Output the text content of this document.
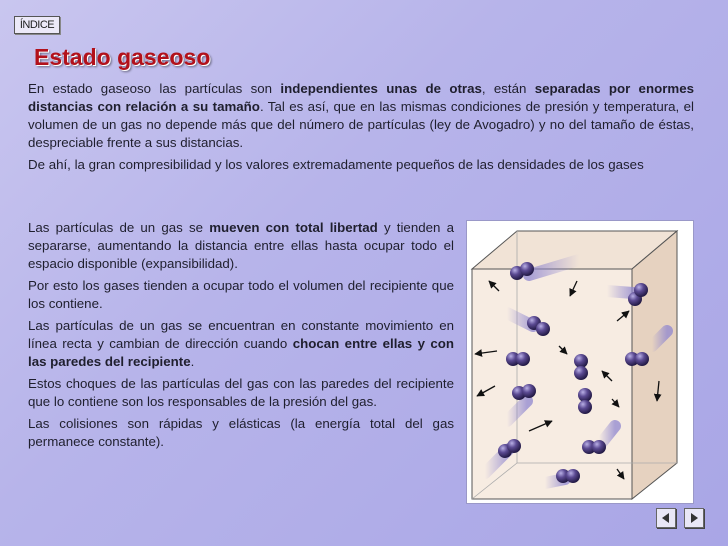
ÍNDICE
Estado gaseoso

En estado gaseoso las partículas son independientes unas de otras, están separadas por enormes distancias con relación a su tamaño. Tal es así, que en las mismas condiciones de presión y temperatura, el volumen de un gas no depende más que del número de partículas (ley de Avogadro) y no del tamaño de éstas, despreciable frente a sus distancias.

De ahí, la gran compresibilidad y los valores extremadamente pequeños de las densidades de los gases

Las partículas de un gas se mueven con total libertad y tienden a separarse, aumentando la distancia entre ellas hasta ocupar todo el espacio disponible (expansibilidad).

Por esto los gases tienden a ocupar todo el volumen del recipiente que los contiene.

Las partículas de un gas se encuentran en constante movimiento en línea recta y cambian de dirección cuando chocan entre ellas y con las paredes del recipiente.

Estos choques de las partículas del gas con las paredes del recipiente que lo contiene son los responsables de la presión del gas.

Las colisiones son rápidas y elásticas (la energía total del gas permanece constante).
